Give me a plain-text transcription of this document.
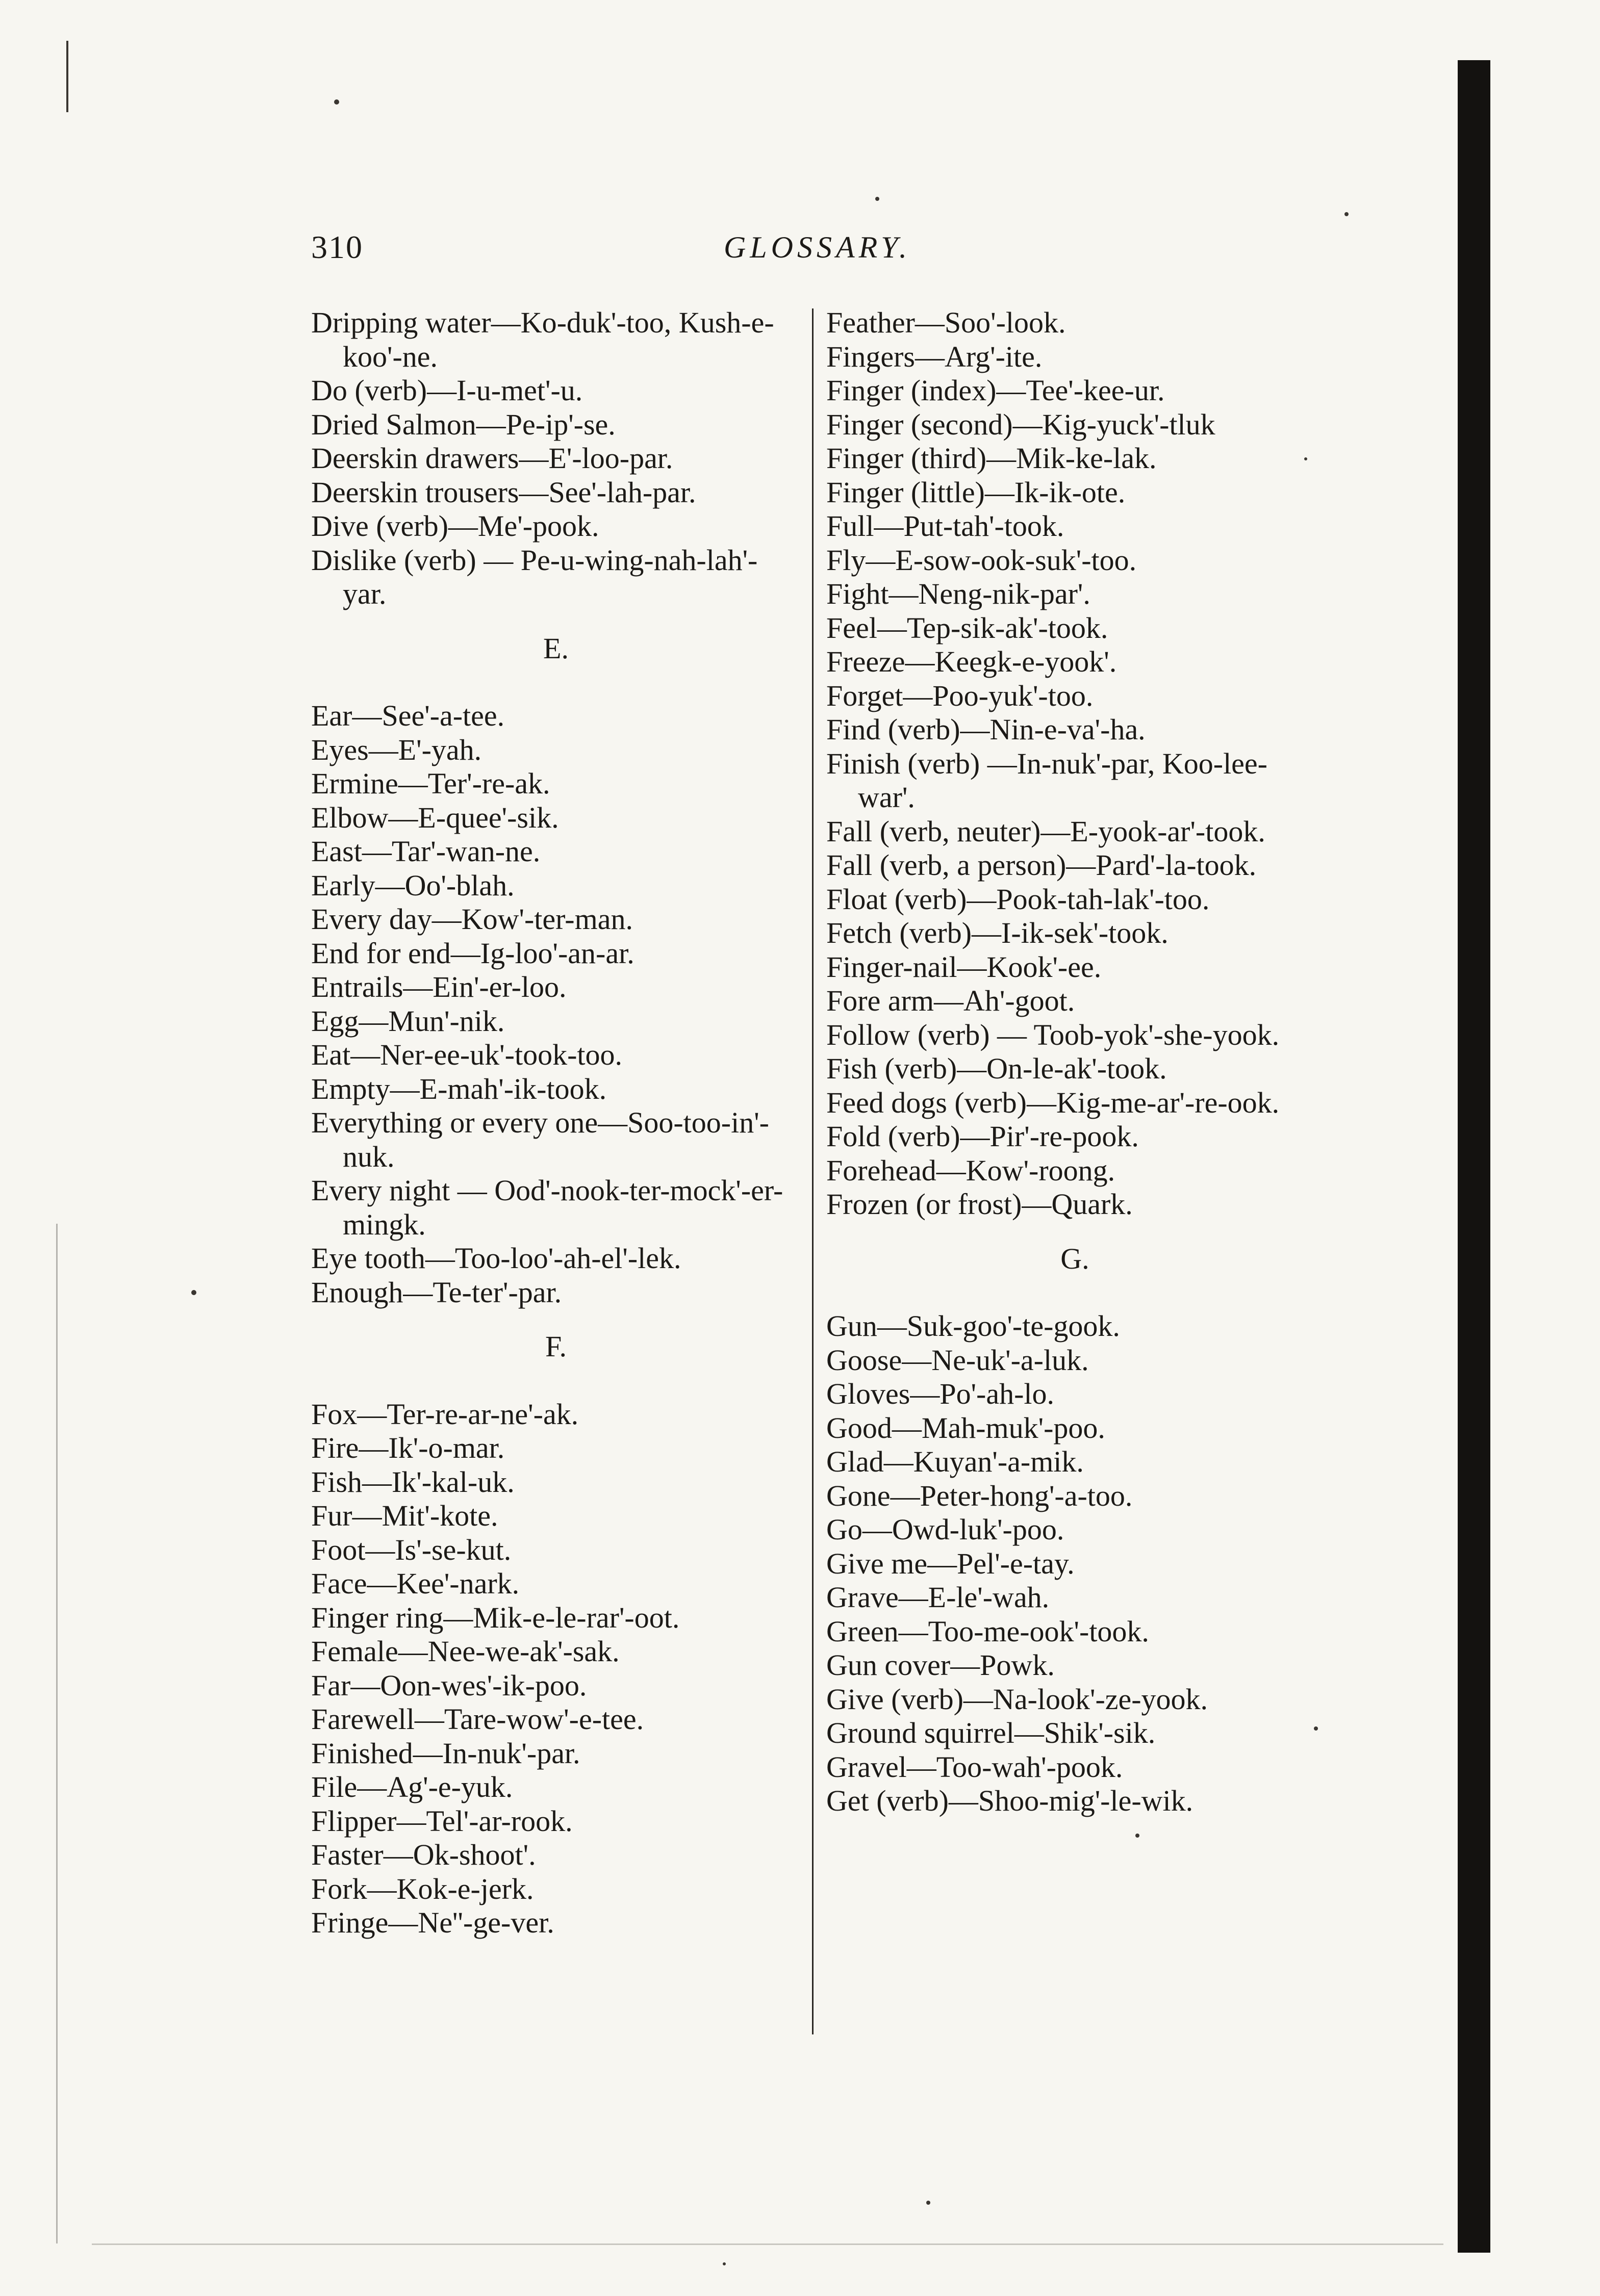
310	GLOSSARY.
Dripping water—Ko-duk'-too, Kush-e-koo'-ne.
Do (verb)—I-u-met'-u.
Dried Salmon—Pe-ip'-se.
Deerskin drawers—E'-loo-par.
Deerskin trousers—See'-lah-par.
Dive (verb)—Me'-pook.
Dislike (verb) — Pe-u-wing-nah-lah'-yar.
E.
Ear—See'-a-tee.
Eyes—E'-yah.
Ermine—Ter'-re-ak.
Elbow—E-quee'-sik.
East—Tar'-wan-ne.
Early—Oo'-blah.
Every day—Kow'-ter-man.
End for end—Ig-loo'-an-ar.
Entrails—Ein'-er-loo.
Egg—Mun'-nik.
Eat—Ner-ee-uk'-took-too.
Empty—E-mah'-ik-took.
Everything or every one—Soo-too-in'-nuk.
Every night — Ood'-nook-ter-mock'-er-mingk.
Eye tooth—Too-loo'-ah-el'-lek.
Enough—Te-ter'-par.
F.
Fox—Ter-re-ar-ne'-ak.
Fire—Ik'-o-mar.
Fish—Ik'-kal-uk.
Fur—Mit'-kote.
Foot—Is'-se-kut.
Face—Kee'-nark.
Finger ring—Mik-e-le-rar'-oot.
Female—Nee-we-ak'-sak.
Far—Oon-wes'-ik-poo.
Farewell—Tare-wow'-e-tee.
Finished—In-nuk'-par.
File—Ag'-e-yuk.
Flipper—Tel'-ar-rook.
Faster—Ok-shoot'.
Fork—Kok-e-jerk.
Fringe—Ne''-ge-ver.
Feather—Soo'-look.
Fingers—Arg'-ite.
Finger (index)—Tee'-kee-ur.
Finger (second)—Kig-yuck'-tluk
Finger (third)—Mik-ke-lak.
Finger (little)—Ik-ik-ote.
Full—Put-tah'-took.
Fly—E-sow-ook-suk'-too.
Fight—Neng-nik-par'.
Feel—Tep-sik-ak'-took.
Freeze—Keegk-e-yook'.
Forget—Poo-yuk'-too.
Find (verb)—Nin-e-va'-ha.
Finish (verb) —In-nuk'-par, Koo-lee-war'.
Fall (verb, neuter)—E-yook-ar'-took.
Fall (verb, a person)—Pard'-la-took.
Float (verb)—Pook-tah-lak'-too.
Fetch (verb)—I-ik-sek'-took.
Finger-nail—Kook'-ee.
Fore arm—Ah'-goot.
Follow (verb) — Toob-yok'-she-yook.
Fish (verb)—On-le-ak'-took.
Feed dogs (verb)—Kig-me-ar'-re-ook.
Fold (verb)—Pir'-re-pook.
Forehead—Kow'-roong.
Frozen (or frost)—Quark.
G.
Gun—Suk-goo'-te-gook.
Goose—Ne-uk'-a-luk.
Gloves—Po'-ah-lo.
Good—Mah-muk'-poo.
Glad—Kuyan'-a-mik.
Gone—Peter-hong'-a-too.
Go—Owd-luk'-poo.
Give me—Pel'-e-tay.
Grave—E-le'-wah.
Green—Too-me-ook'-took.
Gun cover—Powk.
Give (verb)—Na-look'-ze-yook.
Ground squirrel—Shik'-sik.
Gravel—Too-wah'-pook.
Get (verb)—Shoo-mig'-le-wik.
